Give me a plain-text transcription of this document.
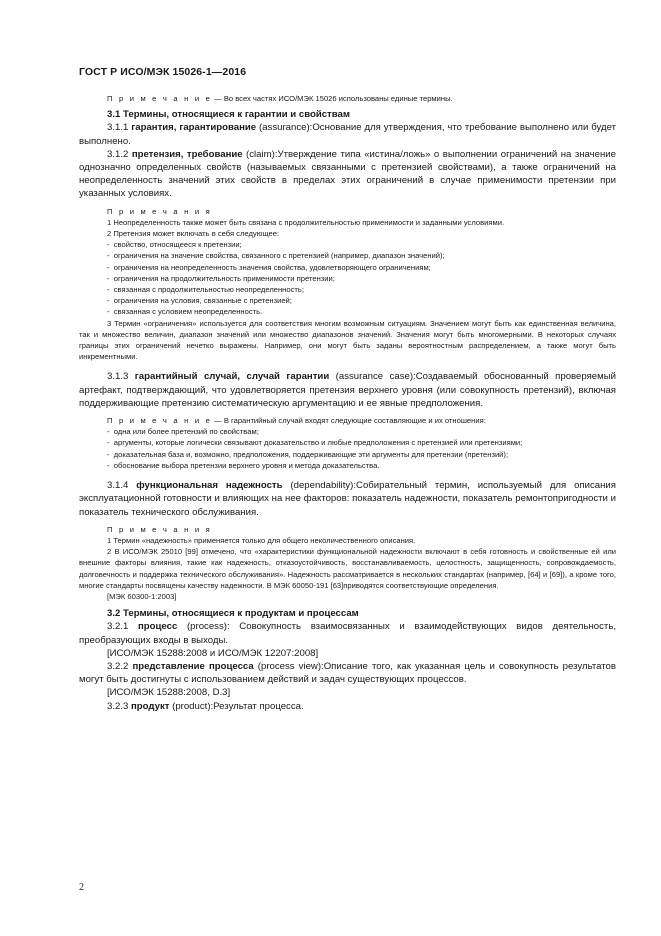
ГОСТ Р ИСО/МЭК 15026-1—2016

П р и м е ч а н и е — Во всех частях ИСО/МЭК 15026 использованы единые термины.

3.1 Термины, относящиеся к гарантии и свойствам

3.1.1 гарантия, гарантирование (assurance):Основание для утверждения, что требование выполнено или будет выполнено.

3.1.2 претензия, требование (claim):Утверждение типа «истина/ложь» о выполнении ограничений на значение однозначно определенных свойств (называемых связанными с претензией свойствами), а также ограничений на неопределенность значений этих свойств в пределах этих ограничений в случае применимости претензии при указанных условиях.

П р и м е ч а н и я

1 Неопределенность также может быть связана с продолжительностью применимости и заданными условиями.

2 Претензия может включать в себя следующее:

-  свойство, относящееся к претензии;
-  ограничения на значение свойства, связанного с претензией (например, диапазон значений);
-  ограничения на неопределенность значения свойства, удовлетворяющего ограничениям;
-  ограничения на продолжительность применимости претензии;
-  связанная с продолжительностью неопределенность;
-  ограничения на условия, связанные с претензией;
-  связанная с условием неопределенность.

3 Термин «ограничения» используется для соответствия многим возможным ситуациям. Значением могут быть как единственная величина, так и множество величин, диапазон значений или множество диапазонов значений. Значения могут быть многомерными. В некоторых случаях границы этих ограничений нечетко выражены. Например, они могут быть заданы вероятностным распределением, а также могут быть инкрементными.

3.1.3 гарантийный случай, случай гарантии (assurance case):Создаваемый обоснованный проверяемый артефакт, подтверждающий, что удовлетворяется претензия верхнего уровня (или совокупность претензий), включая поддерживающие претензию систематическую аргументацию и ее явные предположения.

П р и м е ч а н и е — В гарантийный случай входят следующие составляющие и их отношения:

-  одна или более претензий по свойствам;
-  аргументы, которые логически связывают доказательство и любые предположения с претензией или претензиями;
-  доказательная база и, возможно, предположения, поддерживающие эти аргументы для претензии (претензий);
-  обоснование выбора претензии верхнего уровня и метода доказательства.

3.1.4 функциональная надежность (dependability):Собирательный термин, используемый для описания эксплуатационной готовности и влияющих на нее факторов: показатель надежности, показатель ремонтопригодности и показатель технического обслуживания.

П р и м е ч а н и я

1 Термин «надежность» применяется только для общего неколичественного описания.

2 В ИСО/МЭК 25010 [99] отмечено, что «характеристики функциональной надежности включают в себя готовность и свойственные ей или внешние факторы влияния, такие как надежность, отказоустойчивость, восстанавливаемость, целостность, защищенность, сопровождаемость, долговечность и поддержка технического обслуживания». Надежность рассматривается в нескольких стандартах (например, [64] и [69]), а кроме того, многие стандарты посвящены качеству надежности. В МЭК 60050-191 [63]приводятся соответствующие определения.

[МЭК 60300-1:2003]

3.2 Термины, относящиеся к продуктам и процессам

3.2.1 процесс (process): Совокупность взаимосвязанных и взаимодействующих видов деятельность, преобразующих входы в выходы.

[ИСО/МЭК 15288:2008 и ИСО/МЭК 12207:2008]

3.2.2 представление процесса (process view):Описание того, как указанная цель и совокупность результатов могут быть достигнуты с использованием действий и задач существующих процессов.

[ИСО/МЭК 15288:2008, D.3]

3.2.3 продукт (product):Результат процесса.

2
